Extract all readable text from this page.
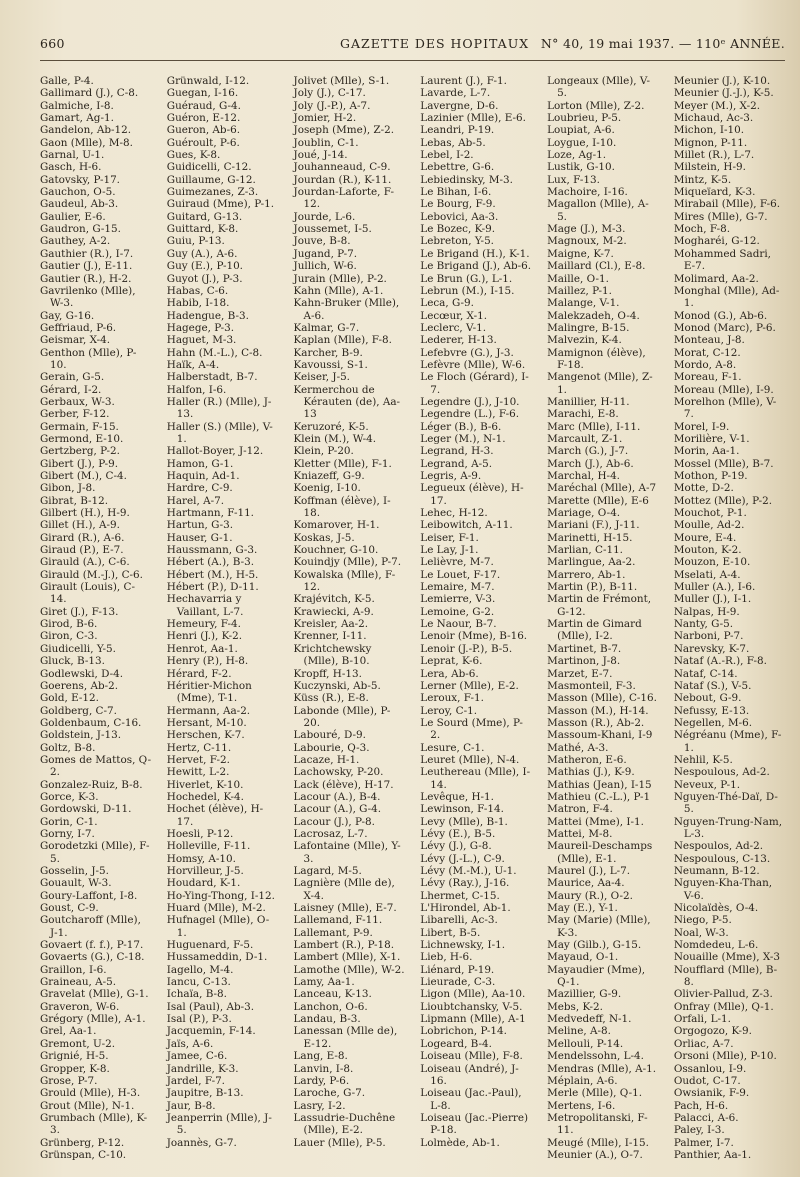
660	GAZETTE DES HOPITAUX N° 40, 19 mai 1937. — 110ᵉ ANNÉE.
Galle, P-4.
Gallimard (J.), C-8.
Galmiche, I-8.
Gamart, Ag-1.
Gandelon, Ab-12.
Gaon (Mlle), M-8.
Garnal, U-1.
Gasch, H-6.
Gatovsky, P-17.
Gauchon, O-5.
Gaudeul, Ab-3.
Gaulier, E-6.
Gaudron, G-15.
Gauthey, A-2.
Gauthier (R.), I-7.
Gautier (J.), E-11.
Gautier (R.), H-2.
Gavrilenko (Mlle), W-3.
Gay, G-16.
Geffriaud, P-6.
Geismar, X-4.
Genthon (Mlle), P-10.
Gerain, G-5.
Gérard, I-2.
Gerbaux, W-3.
Gerber, F-12.
Germain, F-15.
Germond, E-10.
Gertzberg, P-2.
Gibert (J.), P-9.
Gibert (M.), C-4.
Gibon, J-8.
Gibrat, B-12.
Gilbert (H.), H-9.
Gillet (H.), A-9.
Girard (R.), A-6.
Giraud (P.), E-7.
Girauld (A.), C-6.
Girauld (M.-J.), C-6.
Girault (Louis), C-14.
Giret (J.), F-13.
Girod, B-6.
Giron, C-3.
Giudicelli, Y-5.
Gluck, B-13.
Godlewski, D-4.
Goerens, Ab-2.
Gold, E-12.
Goldberg, C-7.
Goldenbaum, C-16.
Goldstein, J-13.
Goltz, B-8.
Gomes de Mattos, Q-2.
Gonzalez-Ruiz, B-8.
Gorce, K-3.
Gordowski, D-11.
Gorin, C-1.
Gorny, I-7.
Gorodetzki (Mlle), F-5.
Gosselin, J-5.
Gouault, W-3.
Goury-Laffont, I-8.
Goust, C-9.
Goutcharoff (Mlle), J-1.
Govaert (f. f.), P-17.
Govaerts (G.), C-18.
Graillon, I-6.
Graineau, A-5.
Gravelat (Mlle), G-1.
Graveron, W-6.
Grégory (Mlle), A-1.
Grel, Aa-1.
Gremont, U-2.
Grignié, H-5.
Gropper, K-8.
Grose, P-7.
Grould (Mlle), H-3.
Grout (Mlle), N-1.
Grumbach (Mlle), K-3.
Grünberg, P-12.
Grünspan, C-10.
Grünwald, I-12.
Guegan, I-16.
Guéraud, G-4.
Guéron, E-12.
Gueron, Ab-6.
Guéroult, P-6.
Gues, K-8.
Guidicelli, C-12.
Guillaume, G-12.
Guimezanes, Z-3.
Guiraud (Mme), P-1.
Guitard, G-13.
Guittard, K-8.
Guiu, P-13.
Guy (A.), A-6.
Guy (E.), P-10.
Guyot (J.), P-3.
Habas, C-6.
Habib, I-18.
Hadengue, B-3.
Hagege, P-3.
Haguet, M-3.
Hahn (M.-L.), C-8.
Haïk, A-4.
Halberstadt, B-7.
Halfon, I-6.
Haller (R.) (Mlle), J-13.
Haller (S.) (Mlle), V-1.
Hallot-Boyer, J-12.
Hamon, G-1.
Haquin, Ad-1.
Hardre, C-9.
Harel, A-7.
Hartmann, F-11.
Hartun, G-3.
Hauser, G-1.
Haussmann, G-3.
Hébert (A.), B-3.
Hébert (M.), H-5.
Hébert (P.), D-11.
Hechavarria y Vaillant, L-7.
Hemeury, F-4.
Henri (J.), K-2.
Henrot, Aa-1.
Henry (P.), H-8.
Hérard, F-2.
Héritier-Michon (Mme), T-1.
Hermann, Aa-2.
Hersant, M-10.
Herschen, K-7.
Hertz, C-11.
Hervet, F-2.
Hewitt, L-2.
Hiverlet, K-10.
Hochedel, K-4.
Hochet (élève), H-17.
Hoesli, P-12.
Holleville, F-11.
Homsy, A-10.
Horvilleur, J-5.
Houdard, K-1.
Ho-Ying-Thong, I-12.
Huard (Mlle), M-2.
Hufnagel (Mlle), O-1.
Huguenard, F-5.
Hussameddin, D-1.
Iagello, M-4.
Iancu, C-13.
Ichaïa, B-8.
Isal (Paul), Ab-3.
Isal (P.), P-3.
Jacquemin, F-14.
Jaïs, A-6.
Jamee, C-6.
Jandrille, K-3.
Jardel, F-7.
Jaupitre, B-13.
Jaur, B-8.
Jeanperrin (Mlle), J-5.
Joannès, G-7.
Jolivet (Mlle), S-1.
Joly (J.), C-17.
Joly (J.-P.), A-7.
Jomier, H-2.
Joseph (Mme), Z-2.
Joublin, C-1.
Joué, J-14.
Jouhanneaud, C-9.
Jourdan (R.), K-11.
Jourdan-Laforte, F-12.
Jourde, L-6.
Joussemet, I-5.
Jouve, B-8.
Jugand, P-7.
Jullich, W-6.
Jurain (Mlle), P-2.
Kahn (Mlle), A-1.
Kahn-Bruker (Mlle), A-6.
Kalmar, G-7.
Kaplan (Mlle), F-8.
Karcher, B-9.
Kavoussi, S-1.
Keiser, J-5.
Kermerchou de Kérauten (de), Aa-13
Keruzoré, K-5.
Klein (M.), W-4.
Klein, P-20.
Kletter (Mlle), F-1.
Kniazeff, G-9.
Koenig, I-10.
Koffman (élève), I-18.
Komarover, H-1.
Koskas, J-5.
Kouchner, G-10.
Kouindjy (Mlle), P-7.
Kowalska (Mlle), F-12.
Krajévitch, K-5.
Krawiecki, A-9.
Kreisler, Aa-2.
Krenner, I-11.
Krichtchewsky (Mlle), B-10.
Kropff, H-13.
Kuczynski, Ab-5.
Küss (R.), E-8.
Labonde (Mlle), P-20.
Labouré, D-9.
Labourie, Q-3.
Lacaze, H-1.
Lachowsky, P-20.
Lack (élève), H-17.
Lacour (A.), B-4.
Lacour (A.), G-4.
Lacour (J.), P-8.
Lacrosaz, L-7.
Lafontaine (Mlle), Y-3.
Lagard, M-5.
Lagnière (Mlle de), X-4.
Laisney (Mlle), E-7.
Lallemand, F-11.
Lallemant, P-9.
Lambert (R.), P-18.
Lambert (Mlle), X-1.
Lamothe (Mlle), W-2.
Lamy, Aa-1.
Lanceau, K-13.
Lanchon, O-6.
Landau, B-3.
Lanessan (Mlle de), E-12.
Lang, E-8.
Lanvin, I-8.
Lardy, P-6.
Laroche, G-7.
Lasry, I-2.
Lassudrie-Duchêne (Mlle), E-2.
Lauer (Mlle), P-5.
Laurent (J.), F-1.
Lavarde, L-7.
Lavergne, D-6.
Lazinier (Mlle), E-6.
Leandri, P-19.
Lebas, Ab-5.
Lebel, I-2.
Lebettre, G-6.
Lebiedinsky, M-3.
Le Bihan, I-6.
Le Bourg, F-9.
Lebovici, Aa-3.
Le Bozec, K-9.
Lebreton, Y-5.
Le Brigand (H.), K-1.
Le Brigand (J.), Ab-6.
Le Brun (G.), L-1.
Lebrun (M.), I-15.
Leca, G-9.
Lecœur, X-1.
Leclerc, V-1.
Lederer, H-13.
Lefebvre (G.), J-3.
Lefèvre (Mlle), W-6.
Le Floch (Gérard), I-7.
Legendre (J.), J-10.
Legendre (L.), F-6.
Léger (B.), B-6.
Leger (M.), N-1.
Legrand, H-3.
Legrand, A-5.
Legris, A-9.
Legueux (élève), H-17.
Lehec, H-12.
Leibowitch, A-11.
Leiser, F-1.
Le Lay, J-1.
Lelièvre, M-7.
Le Louet, F-17.
Lemaire, M-7.
Lemierre, V-3.
Lemoine, G-2.
Le Naour, B-7.
Lenoir (Mme), B-16.
Lenoir (J.-P.), B-5.
Leprat, K-6.
Lera, Ab-6.
Lerner (Mlle), E-2.
Leroux, F-1.
Leroy, C-1.
Le Sourd (Mme), P-2.
Lesure, C-1.
Leuret (Mlle), N-4.
Leuthereau (Mlle), I-14.
Levêque, H-1.
Lewinson, F-14.
Levy (Mlle), B-1.
Lévy (E.), B-5.
Lévy (J.), G-8.
Lévy (J.-L.), C-9.
Lévy (M.-M.), U-1.
Lévy (Ray.), J-16.
Lhermet, C-15.
L'Hirondel, Ab-1.
Libarelli, Ac-3.
Libert, B-5.
Lichnewsky, I-1.
Lieb, H-6.
Liénard, P-19.
Lieurade, C-3.
Ligon (Mlle), Aa-10.
Lioubtchansky, V-5.
Lipmann (Mlle), A-1
Lobrichon, P-14.
Logeard, B-4.
Loiseau (Mlle), F-8.
Loiseau (André), J-16.
Loiseau (Jac.-Paul), L-8.
Loiseau (Jac.-Pierre) P-18.
Lolmède, Ab-1.
Longeaux (Mlle), V-5.
Lorton (Mlle), Z-2.
Loubrieu, P-5.
Loupiat, A-6.
Loygue, I-10.
Loze, Ag-1.
Lustik, G-10.
Lux, F-13.
Machoire, I-16.
Magallon (Mlle), A-5.
Mage (J.), M-3.
Magnoux, M-2.
Maigne, K-7.
Maillard (Cl.), E-8.
Maille, O-1.
Maillez, P-1.
Malange, V-1.
Malekzadeh, O-4.
Malingre, B-15.
Malvezin, K-4.
Mamignon (élève), F-18.
Mangenot (Mlle), Z-1.
Manillier, H-11.
Marachi, E-8.
Marc (Mlle), I-11.
Marcault, Z-1.
March (G.), J-7.
March (J.), Ab-6.
Marchal, H-4.
Maréchal (Mlle), A-7
Marette (Mlle), E-6
Mariage, O-4.
Mariani (F.), J-11.
Marinetti, H-15.
Marlian, C-11.
Marlingue, Aa-2.
Marrero, Ab-1.
Martin (P.), B-11.
Martin de Frémont, G-12.
Martin de Gimard (Mlle), I-2.
Martinet, B-7.
Martinon, J-8.
Marzet, E-7.
Masmonteil, F-3.
Masson (Mlle), C-16.
Masson (M.), H-14.
Masson (R.), Ab-2.
Massoum-Khani, I-9
Mathé, A-3.
Matheron, E-6.
Mathias (J.), K-9.
Mathias (Jean), I-15
Mathieu (C.-L.), P-1
Matron, F-4.
Mattei (Mme), I-1.
Mattei, M-8.
Maureil-Deschamps (Mlle), E-1.
Maurel (J.), L-7.
Maurice, Aa-4.
Maury (R.), O-2.
May (E.), Y-1.
May (Marie) (Mlle), K-3.
May (Gilb.), G-15.
Mayaud, O-1.
Mayaudier (Mme), Q-1.
Mazillier, G-9.
Mebs, K-2.
Medvedeff, N-1.
Meline, A-8.
Mellouli, P-14.
Mendelssohn, L-4.
Mendras (Mlle), A-1.
Méplain, A-6.
Merle (Mlle), Q-1.
Mertens, I-6.
Metropolitanski, F-11.
Meugé (Mlle), I-15.
Meunier (A.), O-7.
Meunier (J.), K-10.
Meunier (J.-J.), K-5.
Meyer (M.), X-2.
Michaud, Ac-3.
Michon, I-10.
Mignon, P-11.
Millet (R.), L-7.
Milstein, H-9.
Mintz, K-5.
Miqueïard, K-3.
Mirabail (Mlle), F-6.
Mires (Mlle), G-7.
Moch, F-8.
Mogharéi, G-12.
Mohammed Sadri, E-7.
Molimard, Aa-2.
Monghal (Mlle), Ad-1.
Monod (G.), Ab-6.
Monod (Marc), P-6.
Monteau, J-8.
Morat, C-12.
Mordo, A-8.
Moreau, F-1.
Moreau (Mlle), I-9.
Morelhon (Mlle), V-7.
Morel, I-9.
Morilière, V-1.
Morin, Aa-1.
Mossel (Mlle), B-7.
Mothon, P-19.
Motte, D-2.
Mottez (Mlle), P-2.
Mouchot, P-1.
Moulle, Ad-2.
Moure, E-4.
Mouton, K-2.
Mouzon, E-10.
Mselati, A-4.
Muller (A.), I-6.
Muller (J.), I-1.
Nalpas, H-9.
Nanty, G-5.
Narboni, P-7.
Narevsky, K-7.
Nataf (A.-R.), F-8.
Nataf, C-14.
Nataf (S.), V-5.
Nebout, G-9.
Nefussy, E-13.
Negellen, M-6.
Négréanu (Mme), F-1.
Nehlil, K-5.
Nespoulous, Ad-2.
Neveux, P-1.
Nguyen-Thé-Daï, D-5.
Nguyen-Trung-Nam, L-3.
Nespoulos, Ad-2.
Nespoulous, C-13.
Neumann, B-12.
Nguyen-Kha-Than, V-6.
Nicolaïdès, O-4.
Niego, P-5.
Noal, W-3.
Nomdedeu, L-6.
Nouaille (Mme), X-3
Noufflard (Mlle), B-8.
Olivier-Pallud, Z-3.
Onfray (Mlle), Q-1.
Orfali, L-1.
Orgogozo, K-9.
Orliac, A-7.
Orsoni (Mlle), P-10.
Ossanlou, I-9.
Oudot, C-17.
Owsianik, F-9.
Pach, H-6.
Palacci, A-6.
Paley, I-3.
Palmer, I-7.
Panthier, Aa-1.
